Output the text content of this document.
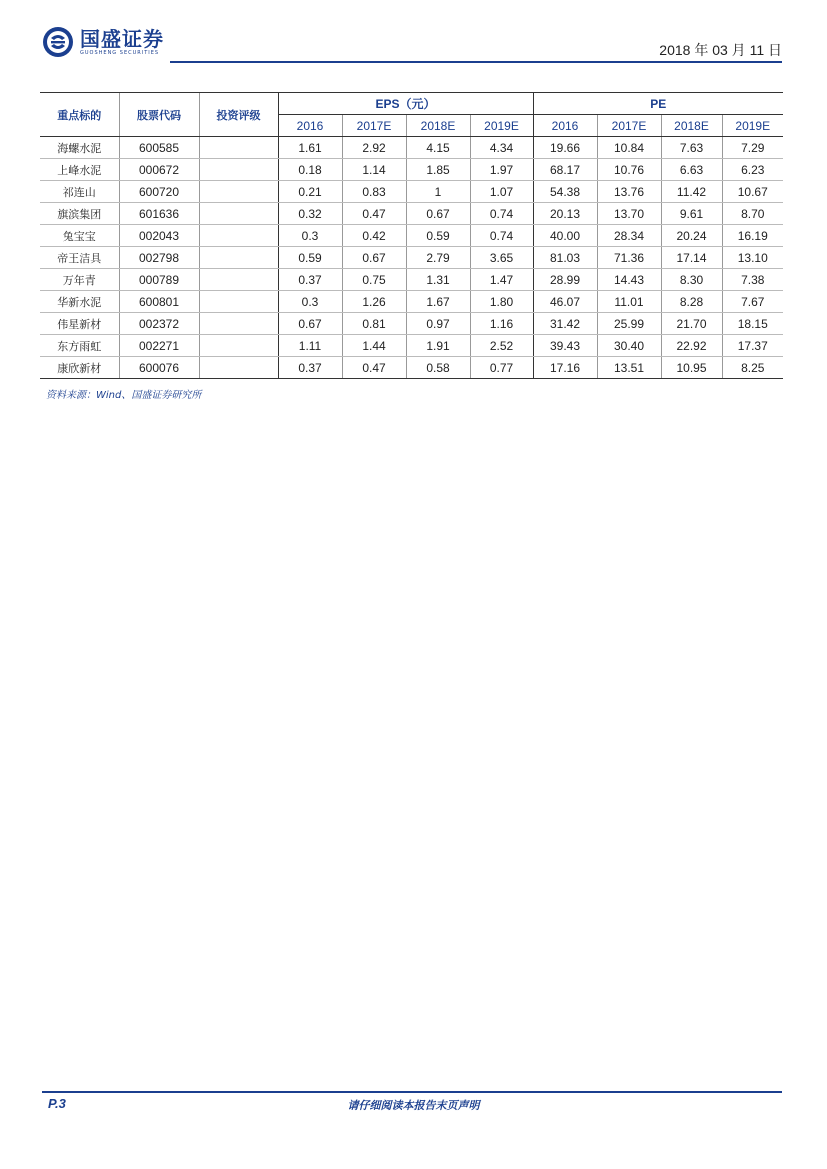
国盛证券
GUOSHENG SECURITIES	2018 年 03 月 11 日
重点标的	股票代码	投资评级	EPS（元）				PE			
			2016	2017E	2018E	2019E	2016	2017E	2018E	2019E
海螺水泥	600585		1.61	2.92	4.15	4.34	19.66	10.84	7.63	7.29
上峰水泥	000672		0.18	1.14	1.85	1.97	68.17	10.76	6.63	6.23
祁连山	600720		0.21	0.83	1	1.07	54.38	13.76	11.42	10.67
旗滨集团	601636		0.32	0.47	0.67	0.74	20.13	13.70	9.61	8.70
兔宝宝	002043		0.3	0.42	0.59	0.74	40.00	28.34	20.24	16.19
帝王洁具	002798		0.59	0.67	2.79	3.65	81.03	71.36	17.14	13.10
万年青	000789		0.37	0.75	1.31	1.47	28.99	14.43	8.30	7.38
华新水泥	600801		0.3	1.26	1.67	1.80	46.07	11.01	8.28	7.67
伟星新材	002372		0.67	0.81	0.97	1.16	31.42	25.99	21.70	18.15
东方雨虹	002271		1.11	1.44	1.91	2.52	39.43	30.40	22.92	17.37
康欣新材	600076		0.37	0.47	0.58	0.77	17.16	13.51	10.95	8.25
资料来源：Wind、国盛证券研究所
P.3	请仔细阅读本报告末页声明
